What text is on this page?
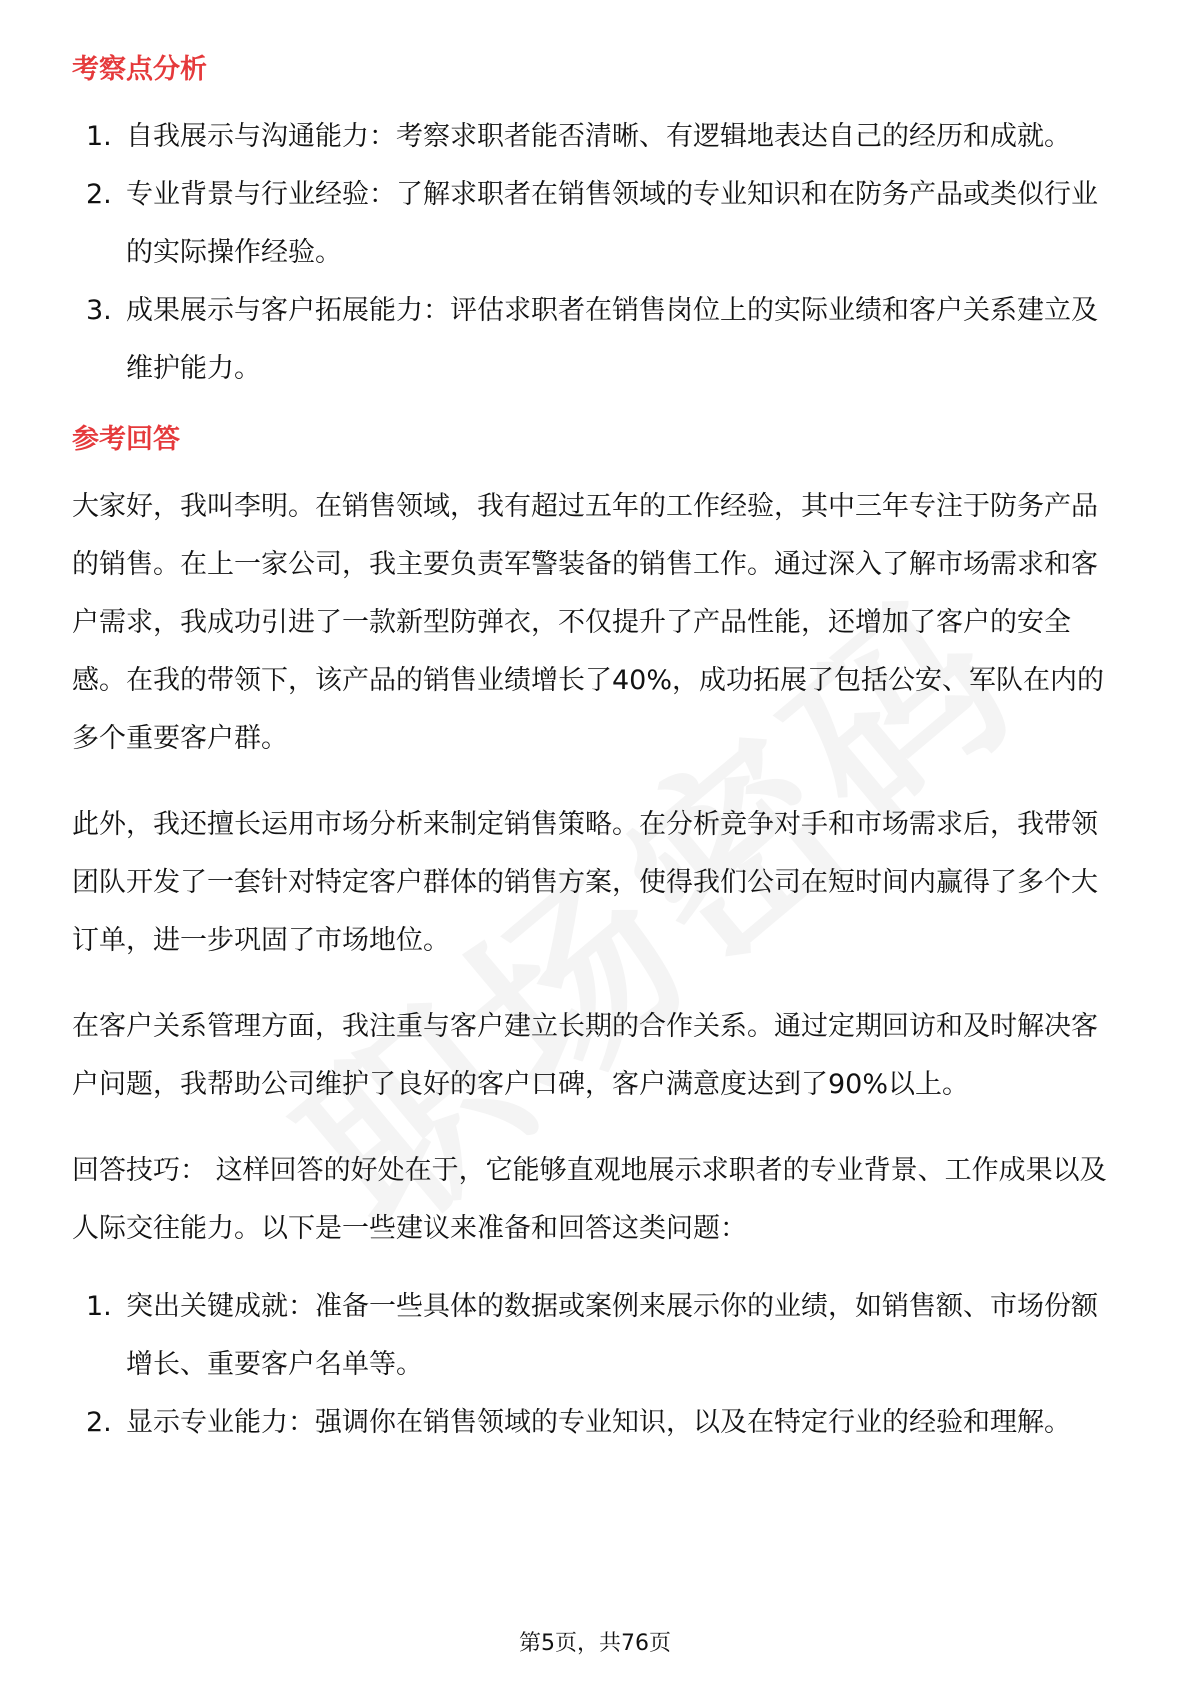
考察点分析
1. 自我展示与沟通能力：考察求职者能否清晰、有逻辑地表达自己的经历和成就。
2. 专业背景与行业经验：了解求职者在销售领域的专业知识和在防务产品或类似行业的实际操作经验。
3. 成果展示与客户拓展能力：评估求职者在销售岗位上的实际业绩和客户关系建立及维护能力。
参考回答

大家好，我叫李明。在销售领域，我有超过五年的工作经验，其中三年专注于防务产品的销售。在上一家公司，我主要负责军警装备的销售工作。通过深入了解市场需求和客户需求，我成功引进了一款新型防弹衣，不仅提升了产品性能，还增加了客户的安全感。在我的带领下，该产品的销售业绩增长了40%，成功拓展了包括公安、军队在内的多个重要客户群。

此外，我还擅长运用市场分析来制定销售策略。在分析竞争对手和市场需求后，我带领团队开发了一套针对特定客户群体的销售方案，使得我们公司在短时间内赢得了多个大订单，进一步巩固了市场地位。

在客户关系管理方面，我注重与客户建立长期的合作关系。通过定期回访和及时解决客户问题，我帮助公司维护了良好的客户口碑，客户满意度达到了90%以上。

回答技巧： 这样回答的好处在于，它能够直观地展示求职者的专业背景、工作成果以及人际交往能力。以下是一些建议来准备和回答这类问题：

1. 突出关键成就：准备一些具体的数据或案例来展示你的业绩，如销售额、市场份额增长、重要客户名单等。
2. 显示专业能力：强调你在销售领域的专业知识，以及在特定行业的经验和理解。
第5页，共76页
